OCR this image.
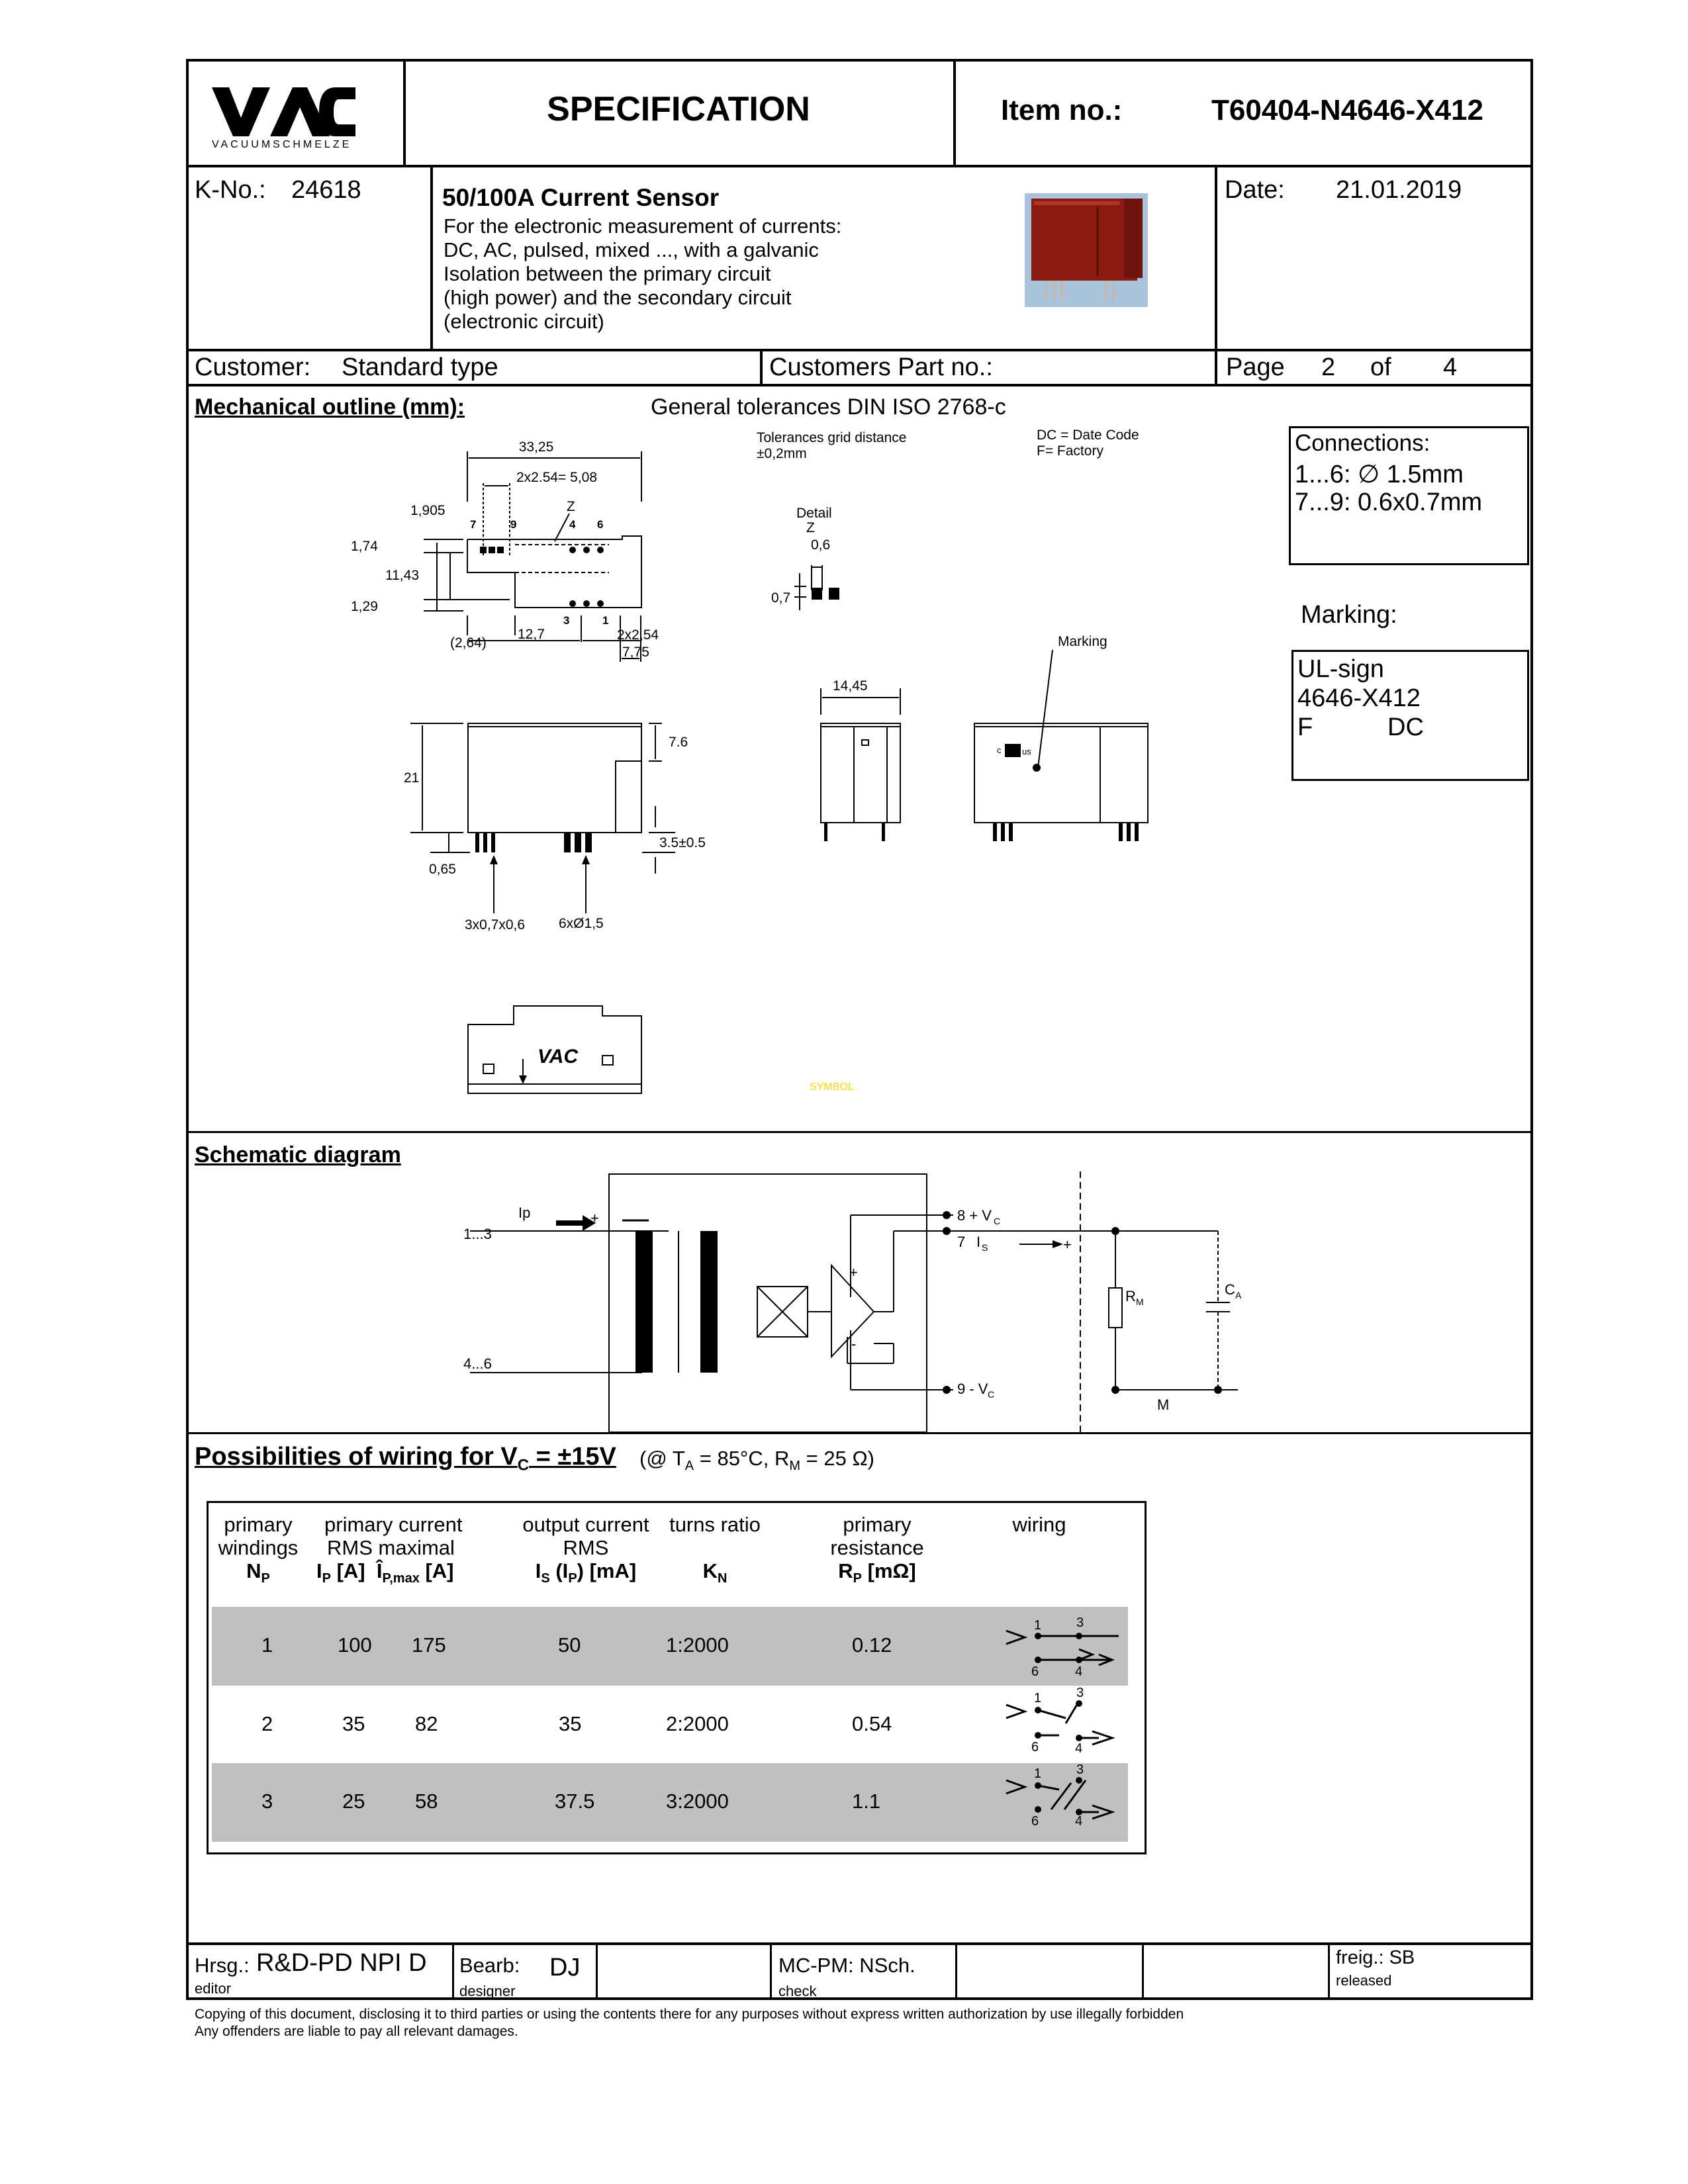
VACUUMSCHMELZE
SPECIFICATION	Item no.:	T60404-N4646-X412
K-No.: 24618	50/100A Current Sensor
For the electronic measurement of currents:
DC, AC, pulsed, mixed ..., with a galvanic
Isolation between the primary circuit
(high power) and the secondary circuit
(electronic circuit)
Date: 21.01.2019
Customer: Standard type	Customers Part no.:	Page 2 of 4
Mechanical outline (mm):	General tolerances DIN ISO 2768-c
33,25
2x2.54= 5,08
1,905	Z
1,74
11,43
1,29
(2,64)
12,7	2x2,54
7,75
7	9	4 6
3	1
Tolerances grid distance
±0,2mm
DC = Date Code
F= Factory
Detail
Z
0,6
0,7
7.6
21
3.5±0.5
0,65
3x0,7x0,6 6xØ1,5
14,45
c us
Marking
VAC
SYMBOL
Connections:
1...6: ∅ 1.5mm
7...9: 0.6x0.7mm
Marking:
UL-sign
4646-X412
F	DC
Schematic diagram
Ip	+
1...3
4...6
+
-
8 + V C
7 I S	+
9 - V C
R M
C A
M
Possibilities of wiring for $V_C = \pm 15V$ (@ $T_A = 85^\circ C$, $R_M = 25$ Ω)
primary
windings
$N_P$
primary current
RMS maximal
$I_P$ [A] $Î_{P,max}$ [A]
output current
RMS
$I_S$ $(I_P)$ [mA]
turns ratio

$K_N$
primary
resistance
$R_P$ [mΩ]
wiring
1	100 175	50	1:2000	0.12
2	35 82	35	2:2000	0.54
3	25 58	37.5	3:2000	1.1
1	3
6	4
1	3
6	4
1	3
6	4
Hrsg.: R&D-PD NPI D
editor
Bearb: DJ
designer
MC-PM: NSch.
check
freig.: SB
released
Copying of this document, disclosing it to third parties or using the contents there for any purposes without express written authorization by use illegally forbidden
Any offenders are liable to pay all relevant damages.
